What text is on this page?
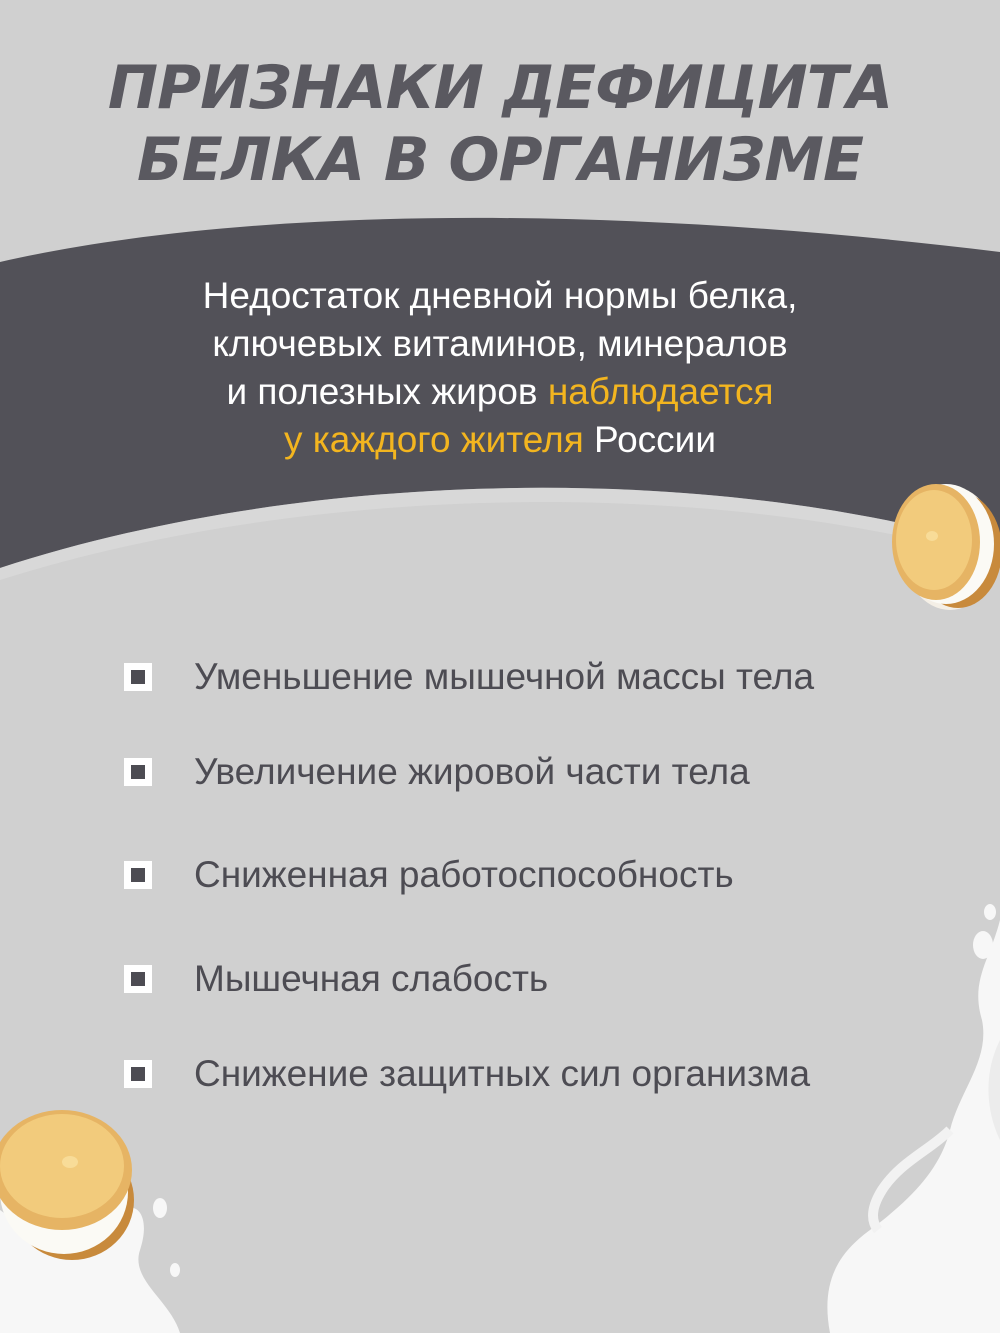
ПРИЗНАКИ ДЕФИЦИТА
БЕЛКА В ОРГАНИЗМЕ

Недостаток дневной нормы белка,
ключевых витаминов, минералов
и полезных жиров наблюдается
у каждого жителя России

Уменьшение мышечной массы тела
Увеличение жировой части тела
Сниженная работоспособность
Мышечная слабость
Снижение защитных сил организма
